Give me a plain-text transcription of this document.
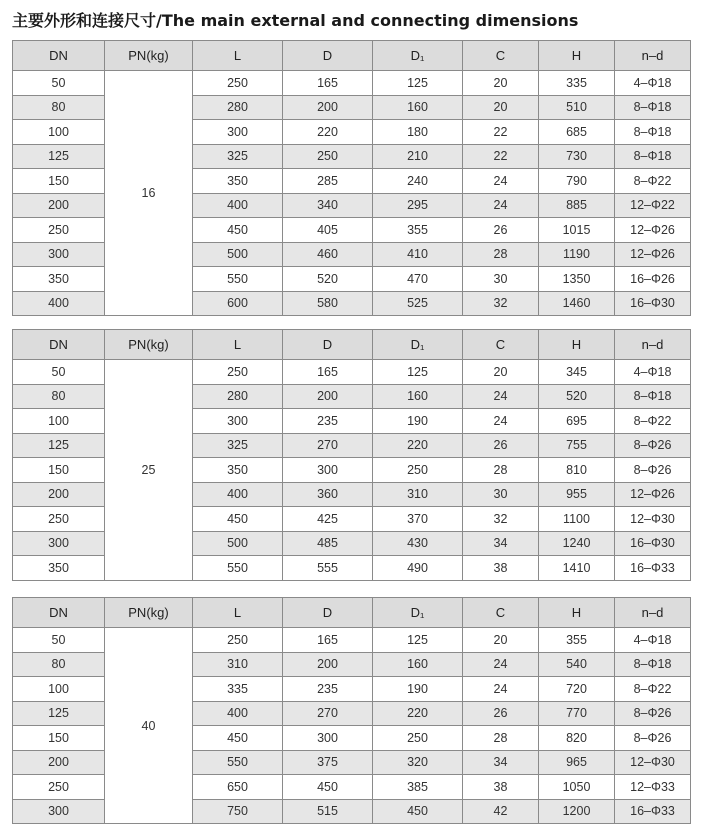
主要外形和连接尺寸/The main external and connecting dimensions
DN	PN(kg)	L	D	D₁	C	H	n–d
50	16	250	165	125	20	335	4–Φ18
80		280	200	160	20	510	8–Φ18
100		300	220	180	22	685	8–Φ18
125		325	250	210	22	730	8–Φ18
150		350	285	240	24	790	8–Φ22
200		400	340	295	24	885	12–Φ22
250		450	405	355	26	1015	12–Φ26
300		500	460	410	28	1190	12–Φ26
350		550	520	470	30	1350	16–Φ26
400		600	580	525	32	1460	16–Φ30
DN	PN(kg)	L	D	D₁	C	H	n–d
50	25	250	165	125	20	345	4–Φ18
80		280	200	160	24	520	8–Φ18
100		300	235	190	24	695	8–Φ22
125		325	270	220	26	755	8–Φ26
150		350	300	250	28	810	8–Φ26
200		400	360	310	30	955	12–Φ26
250		450	425	370	32	1100	12–Φ30
300		500	485	430	34	1240	16–Φ30
350		550	555	490	38	1410	16–Φ33
DN	PN(kg)	L	D	D₁	C	H	n–d
50	40	250	165	125	20	355	4–Φ18
80		310	200	160	24	540	8–Φ18
100		335	235	190	24	720	8–Φ22
125		400	270	220	26	770	8–Φ26
150		450	300	250	28	820	8–Φ26
200		550	375	320	34	965	12–Φ30
250		650	450	385	38	1050	12–Φ33
300		750	515	450	42	1200	16–Φ33
